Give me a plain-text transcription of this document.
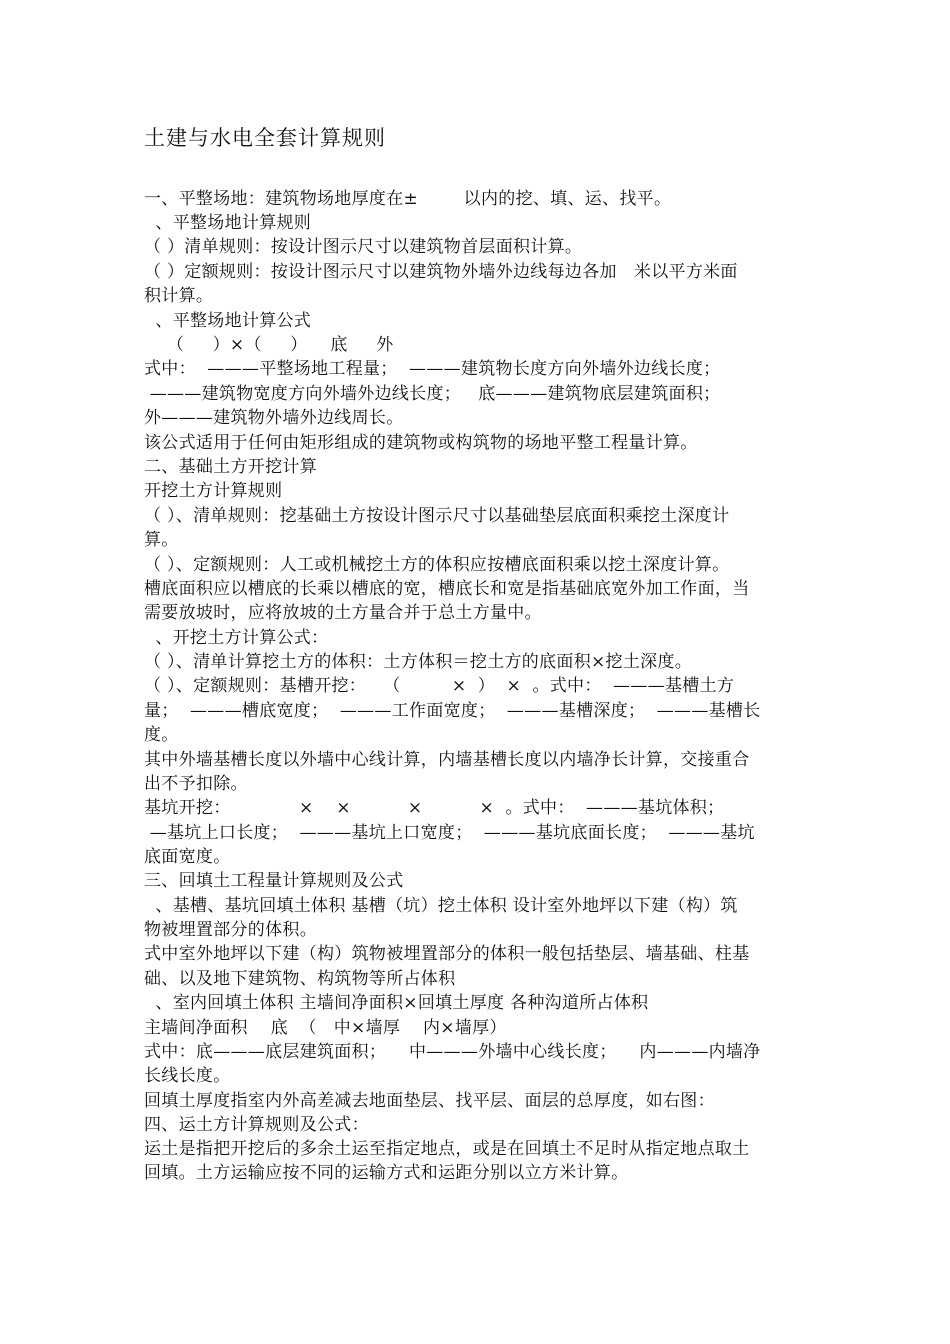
土建与水电全套计算规则
一、平整场地：建筑物场地厚度在±        以内的挖、填、运、找平。
、平整场地计算规则
（ ）清单规则：按设计图示尺寸以建筑物首层面积计算。
（ ）定额规则：按设计图示尺寸以建筑物外墙外边线每边各加   米以平方米面
积计算。
、平整场地计算公式
（     ）×（     ）    底     外
式中：  ———平整场地工程量；  ———建筑物长度方向外墙外边线长度；
———建筑物宽度方向外墙外边线长度；   底———建筑物底层建筑面积；
外———建筑物外墙外边线周长。
该公式适用于任何由矩形组成的建筑物或构筑物的场地平整工程量计算。
二、基础土方开挖计算
开挖土方计算规则
（ ）、清单规则：挖基础土方按设计图示尺寸以基础垫层底面积乘挖土深度计
算。
（ ）、定额规则：人工或机械挖土方的体积应按槽底面积乘以挖土深度计算。
槽底面积应以槽底的长乘以槽底的宽，槽底长和宽是指基础底宽外加工作面，当
需要放坡时，应将放坡的土方量合并于总土方量中。
、开挖土方计算公式：
（ ）、清单计算挖土方的体积：土方体积＝挖土方的底面积×挖土深度。
（ ）、定额规则：基槽开挖：   （         ×  ）  ×  。式中：  ———基槽土方
量；  ———槽底宽度；  ———工作面宽度；  ———基槽深度；  ———基槽长
度。
其中外墙基槽长度以外墙中心线计算，内墙基槽长度以内墙净长计算，交接重合
出不予扣除。
基坑开挖：            ×    ×          ×          ×  。式中：  ———基坑体积；
—基坑上口长度；  ———基坑上口宽度；  ———基坑底面长度；  ———基坑
底面宽度。
三、回填土工程量计算规则及公式
、基槽、基坑回填土体积 基槽（坑）挖土体积 设计室外地坪以下建（构）筑
物被埋置部分的体积。
式中室外地坪以下建（构）筑物被埋置部分的体积一般包括垫层、墙基础、柱基
础、以及地下建筑物、构筑物等所占体积
、室内回填土体积 主墙间净面积×回填土厚度 各种沟道所占体积
主墙间净面积    底  （   中×墙厚    内×墙厚）
式中：底———底层建筑面积；    中———外墙中心线长度；    内———内墙净
长线长度。
回填土厚度指室内外高差减去地面垫层、找平层、面层的总厚度，如右图：
四、运土方计算规则及公式：
运土是指把开挖后的多余土运至指定地点，或是在回填土不足时从指定地点取土
回填。土方运输应按不同的运输方式和运距分别以立方米计算。
